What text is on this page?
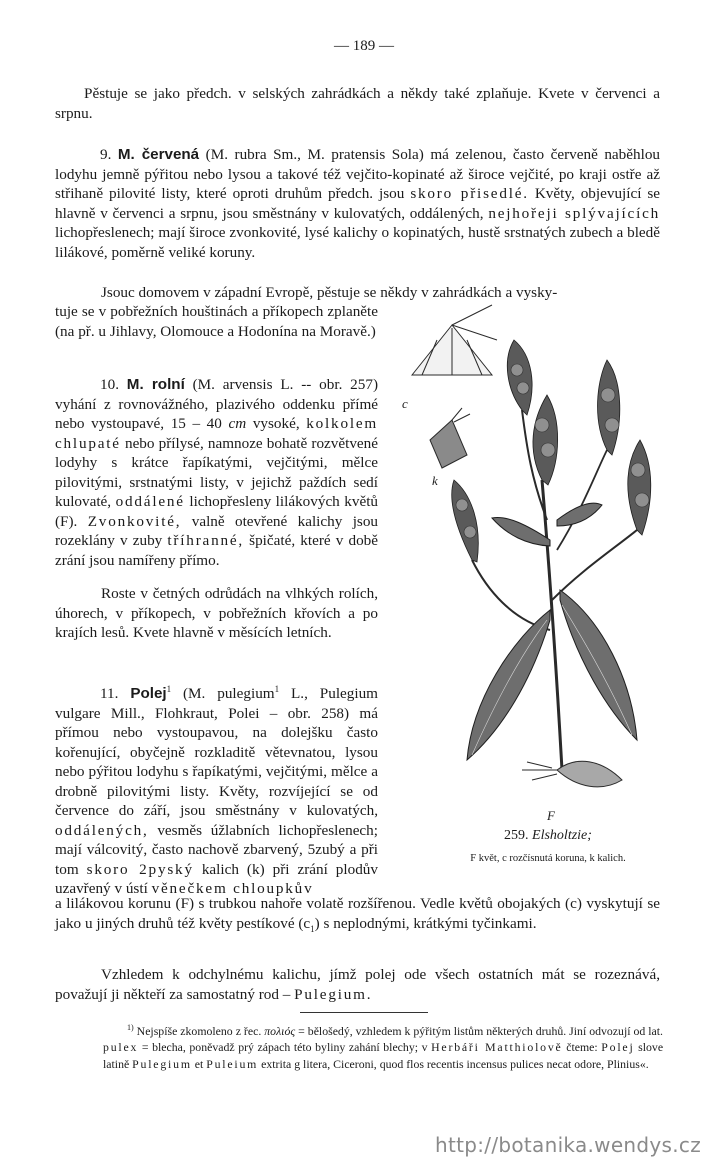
— 189 —

Pěstuje se jako předch. v selských zahrádkách a někdy také zplaňuje. Kvete v červenci a srpnu.

9. M. červená (M. rubra Sm., M. pratensis Sola) má zelenou, často červeně naběhlou lodyhu jemně pýřitou nebo lysou a takové též vejčito-kopinaté až široce vejčité, po kraji ostře až střihaně pilovité listy, které oproti druhům předch. jsou skoro přisedlé. Květy, objevující se hlavně v červenci a srpnu, jsou směstnány v kulovatých, oddálených, nejhořeji splývajících lichopřeslenech; mají široce zvonkovité, lysé kalichy o kopinatých, hustě srstnatých zubech a bledě lilákové, poměrně veliké koruny.

Jsouc domovem v západní Evropě, pěstuje se někdy v zahrádkách a vysky-

tuje se v pobřežních houštinách a příkopech zplaněte (na př. u Jihlavy, Olomouce a Hodonína na Moravě.)

10. M. rolní (M. arvensis L. -- obr. 257) vyhání z rovnovážného, plazivého oddenku přímé nebo vystoupavé, 15 – 40 cm vysoké, kolkolem chlupaté nebo přílysé, namnoze bohatě rozvětvené lodyhy s krátce řapíkatými, vejčitými, mělce pilovitými, srstnatými listy, v jejichž paždích sedí kulovaté, oddálené lichopřesleny lilákových květů (F). Zvonkovité, valně otevřené kalichy jsou rozeklány v zuby tříhranné, špičaté, které v době zrání jsou namířeny přímo.

Roste v četných odrůdách na vlhkých rolích, úhorech, v příkopech, v pobřežních křovích a po krajích lesů. Kvete hlavně v měsících letních.

11. Polej$^1$ (M. pulegium$^1$ L., Pulegium vulgare Mill., Flohkraut, Polei – obr. 258) má přímou nebo vystoupavou, na dolejšku často kořenující, obyčejně rozkladitě větevnatou, lysou nebo pýřitou lodyhu s řapíkatými, vejčitými, mělce a drobně pilovitými listy. Květy, rozvíjející se od července do září, jsou směstnány v kulovatých, oddálených, vesměs úžlabních lichopřeslenech; mají válcovitý, často nachově zbarvený, 5zubý a při tom skoro 2pyský kalich (k) při zrání plodův uzavřený v ústí věnečkem chloupkův

a lilákovou korunu (F) s trubkou nahoře volatě rozšířenou. Vedle květů obojakých (c) vyskytují se jako u jiných druhů též květy pestíkové $(c_1)$ s neplodnými, krátkými tyčinkami.

Vzhledem k odchylnému kalichu, jímž polej ode všech ostatních mát se rozeznává, považují ji někteří za samostatný rod – Pulegium.

c
k
F
259. Elsholtzie;
F květ, c rozčísnutá koruna, k kalich.

$^{1)}$ Nejspíše zkomoleno z řec. πολιός = bělošedý, vzhledem k pýřitým listům některých druhů. Jiní odvozují od lat. pulex = blecha, poněvadž prý zápach této byliny zahání blechy; v Herbáři Matthiolově čteme: Polej slove latině Pulegium et Puleium extrita g litera, Ciceroni, quod flos recentis incensus pulices necat odore, Plinius«.

http://botanika.wendys.cz
